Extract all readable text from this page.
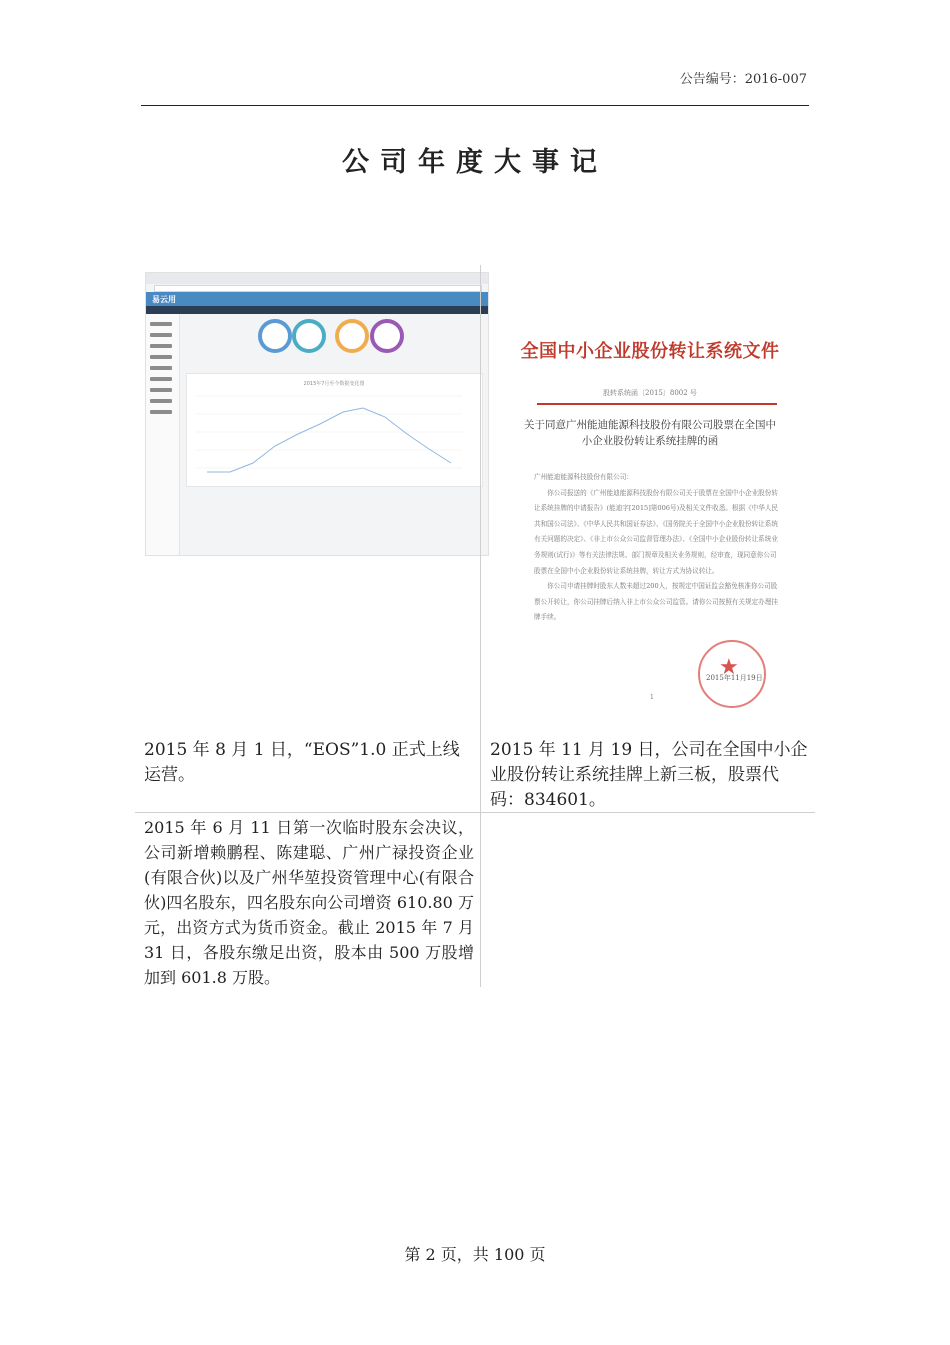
公告编号：2016-007
公司年度大事记
易云用
2015年7月至今数据变化图
全国中小企业股份转让系统文件
股转系统函〔2015〕8002 号
关于同意广州能迪能源科技股份有限公司股票在全国中小企业股份转让系统挂牌的函
广州能迪能源科技股份有限公司：
　　你公司报送的《广州能迪能源科技股份有限公司关于股票在全国中小企业股份转让系统挂牌的申请报告》(能迪字[2015]第006号)及相关文件收悉。根据《中华人民共和国公司法》、《中华人民共和国证券法》、《国务院关于全国中小企业股份转让系统有关问题的决定》、《非上市公众公司监督管理办法》、《全国中小企业股份转让系统业务规则(试行)》等有关法律法规、部门规章及相关业务规则，经审查，现同意你公司股票在全国中小企业股份转让系统挂牌，转让方式为协议转让。
　　你公司申请挂牌时股东人数未超过200人，按规定中国证监会豁免核准你公司股票公开转让，你公司挂牌后纳入非上市公众公司监管。请你公司按照有关规定办理挂牌手续。
★
2015年11月19日
1
2015 年 8 月 1 日，“EOS”1.0 正式上线运营。
2015 年 11 月 19 日，公司在全国中小企业股份转让系统挂牌上新三板，股票代码：834601。
2015 年 6 月 11 日第一次临时股东会决议，公司新增赖鹏程、陈建聪、广州广禄投资企业(有限合伙)以及广州华堃投资管理中心(有限合伙)四名股东，四名股东向公司增资 610.80 万元，出资方式为货币资金。截止 2015 年 7 月 31 日，各股东缴足出资，股本由 500 万股增加到 601.8 万股。
第 2 页，共 100 页
